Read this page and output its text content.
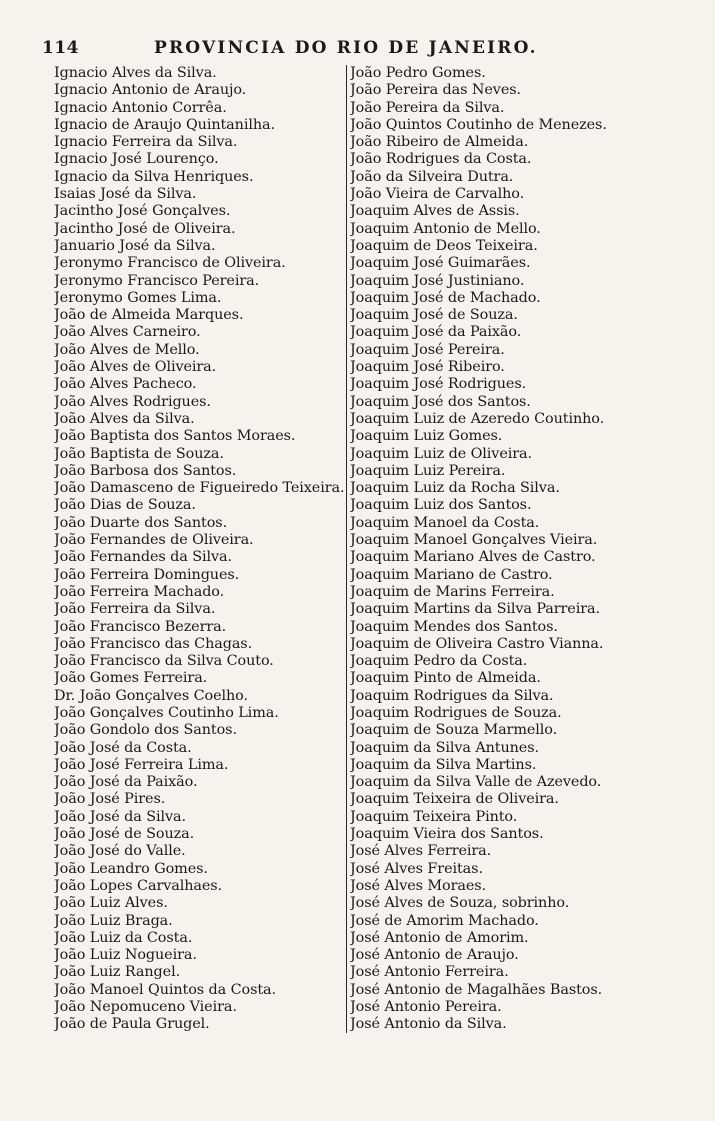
114	PROVINCIA DO RIO DE JANEIRO.
Ignacio Alves da Silva.
Ignacio Antonio de Araujo.
Ignacio Antonio Corrêa.
Ignacio de Araujo Quintanilha.
Ignacio Ferreira da Silva.
Ignacio José Lourenço.
Ignacio da Silva Henriques.
Isaias José da Silva.
Jacintho José Gonçalves.
Jacintho José de Oliveira.
Januario José da Silva.
Jeronymo Francisco de Oliveira.
Jeronymo Francisco Pereira.
Jeronymo Gomes Lima.
João de Almeida Marques.
João Alves Carneiro.
João Alves de Mello.
João Alves de Oliveira.
João Alves Pacheco.
João Alves Rodrigues.
João Alves da Silva.
João Baptista dos Santos Moraes.
João Baptista de Souza.
João Barbosa dos Santos.
João Damasceno de Figueiredo Teixeira.
João Dias de Souza.
João Duarte dos Santos.
João Fernandes de Oliveira.
João Fernandes da Silva.
João Ferreira Domingues.
João Ferreira Machado.
João Ferreira da Silva.
João Francisco Bezerra.
João Francisco das Chagas.
João Francisco da Silva Couto.
João Gomes Ferreira.
Dr. João Gonçalves Coelho.
João Gonçalves Coutinho Lima.
João Gondolo dos Santos.
João José da Costa.
João José Ferreira Lima.
João José da Paixão.
João José Pires.
João José da Silva.
João José de Souza.
João José do Valle.
João Leandro Gomes.
João Lopes Carvalhaes.
João Luiz Alves.
João Luiz Braga.
João Luiz da Costa.
João Luiz Nogueira.
João Luiz Rangel.
João Manoel Quintos da Costa.
João Nepomuceno Vieira.
João de Paula Grugel.
João Pedro Gomes.
João Pereira das Neves.
João Pereira da Silva.
João Quintos Coutinho de Menezes.
João Ribeiro de Almeida.
João Rodrigues da Costa.
João da Silveira Dutra.
João Vieira de Carvalho.
Joaquim Alves de Assis.
Joaquim Antonio de Mello.
Joaquim de Deos Teixeira.
Joaquim José Guimarães.
Joaquim José Justiniano.
Joaquim José de Machado.
Joaquim José de Souza.
Joaquim José da Paixão.
Joaquim José Pereira.
Joaquim José Ribeiro.
Joaquim José Rodrigues.
Joaquim José dos Santos.
Joaquim Luiz de Azeredo Coutinho.
Joaquim Luiz Gomes.
Joaquim Luiz de Oliveira.
Joaquim Luiz Pereira.
Joaquim Luiz da Rocha Silva.
Joaquim Luiz dos Santos.
Joaquim Manoel da Costa.
Joaquim Manoel Gonçalves Vieira.
Joaquim Mariano Alves de Castro.
Joaquim Mariano de Castro.
Joaquim de Marins Ferreira.
Joaquim Martins da Silva Parreira.
Joaquim Mendes dos Santos.
Joaquim de Oliveira Castro Vianna.
Joaquim Pedro da Costa.
Joaquim Pinto de Almeida.
Joaquim Rodrigues da Silva.
Joaquim Rodrigues de Souza.
Joaquim de Souza Marmello.
Joaquim da Silva Antunes.
Joaquim da Silva Martins.
Joaquim da Silva Valle de Azevedo.
Joaquim Teixeira de Oliveira.
Joaquim Teixeira Pinto.
Joaquim Vieira dos Santos.
José Alves Ferreira.
José Alves Freitas.
José Alves Moraes.
José Alves de Souza, sobrinho.
José de Amorim Machado.
José Antonio de Amorim.
José Antonio de Araujo.
José Antonio Ferreira.
José Antonio de Magalhães Bastos.
José Antonio Pereira.
José Antonio da Silva.
